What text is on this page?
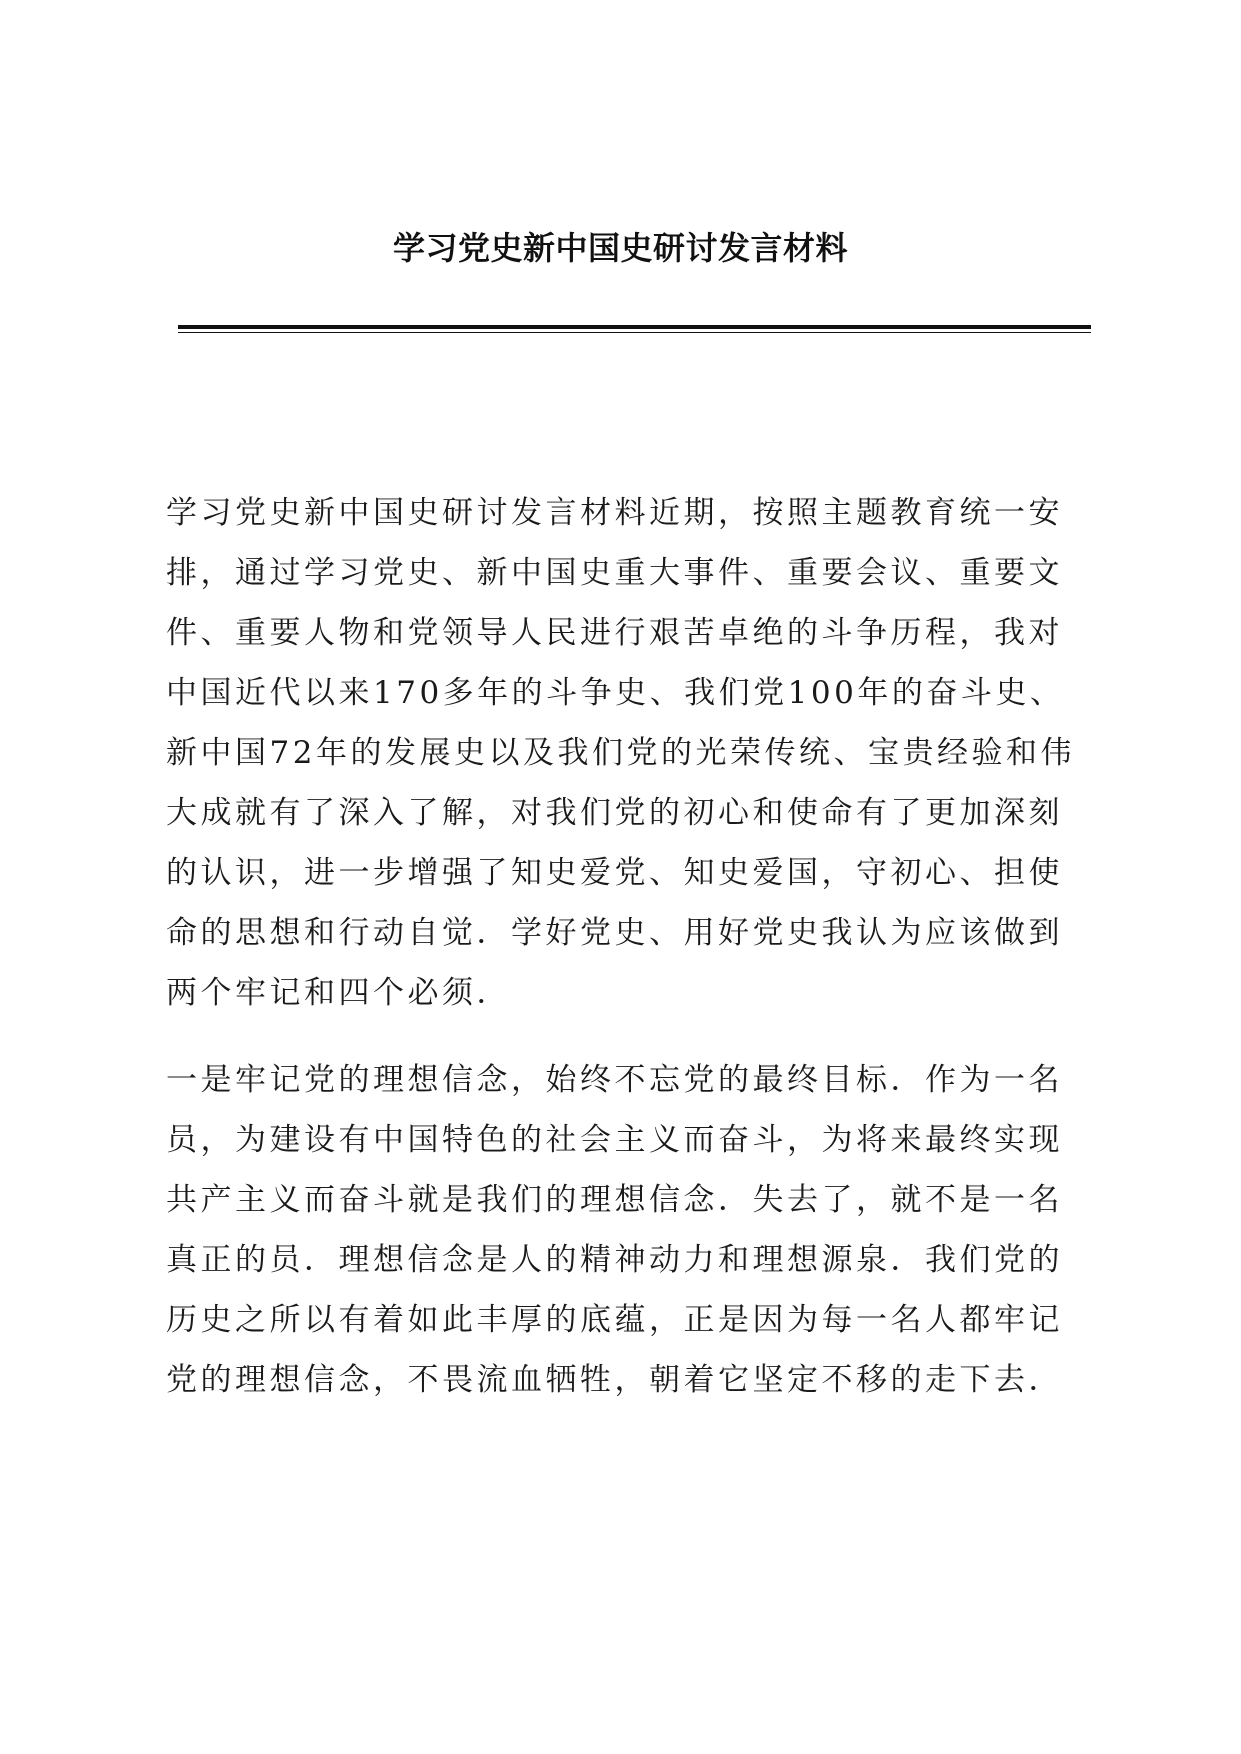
学习党史新中国史研讨发言材料

学习党史新中国史研讨发言材料近期，按照主题教育统一安排，通过学习党史、新中国史重大事件、重要会议、重要文件、重要人物和党领导人民进行艰苦卓绝的斗争历程，我对中国近代以来170多年的斗争史、我们党100年的奋斗史、新中国72年的发展史以及我们党的光荣传统、宝贵经验和伟大成就有了深入了解，对我们党的初心和使命有了更加深刻的认识，进一步增强了知史爱党、知史爱国，守初心、担使命的思想和行动自觉．学好党史、用好党史我认为应该做到两个牢记和四个必须．

一是牢记党的理想信念，始终不忘党的最终目标．作为一名员，为建设有中国特色的社会主义而奋斗，为将来最终实现共产主义而奋斗就是我们的理想信念．失去了，就不是一名真正的员．理想信念是人的精神动力和理想源泉．我们党的历史之所以有着如此丰厚的底蕴，正是因为每一名人都牢记党的理想信念，不畏流血牺牲，朝着它坚定不移的走下去．
